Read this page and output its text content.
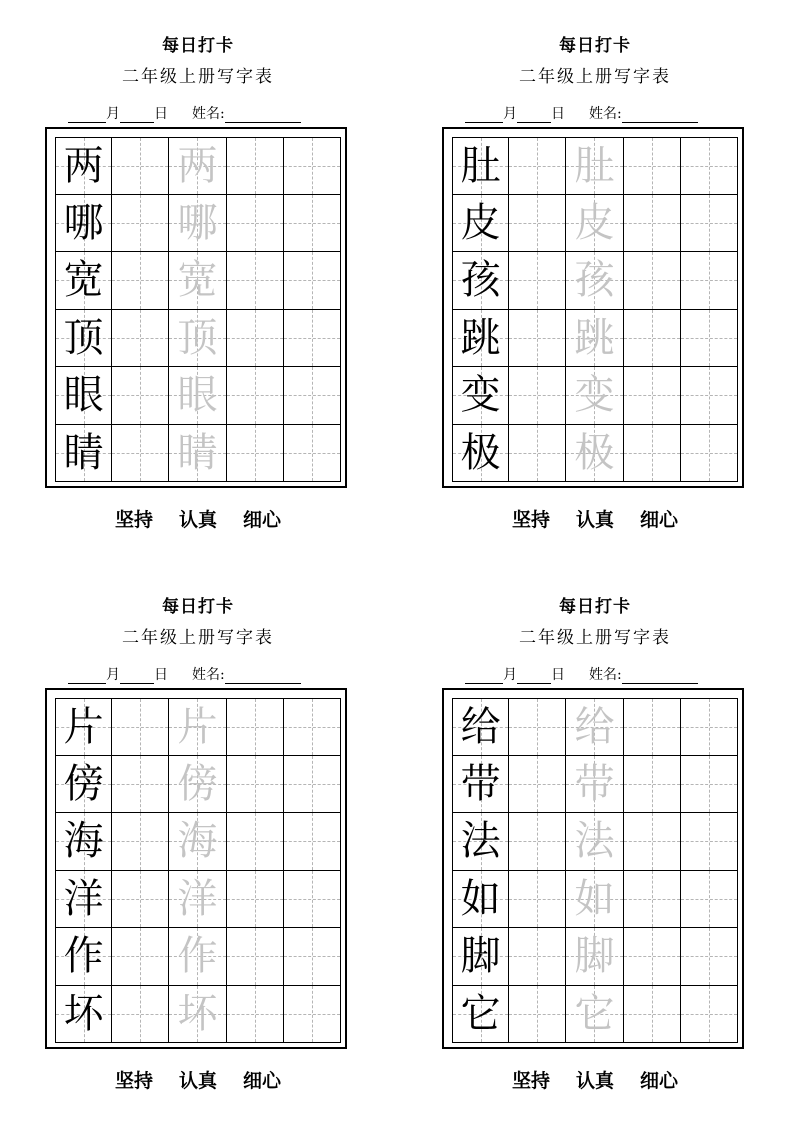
每日打卡
二年级上册写字表
月 日 姓名:
两 两
哪 哪
宽 宽
顶 顶
眼 眼
睛 睛
坚持 认真 细心
每日打卡
二年级上册写字表
月 日 姓名:
肚 肚
皮 皮
孩 孩
跳 跳
变 变
极 极
坚持 认真 细心
每日打卡
二年级上册写字表
月 日 姓名:
片 片
傍 傍
海 海
洋 洋
作 作
坏 坏
坚持 认真 细心
每日打卡
二年级上册写字表
月 日 姓名:
给 给
带 带
法 法
如 如
脚 脚
它 它
坚持 认真 细心
